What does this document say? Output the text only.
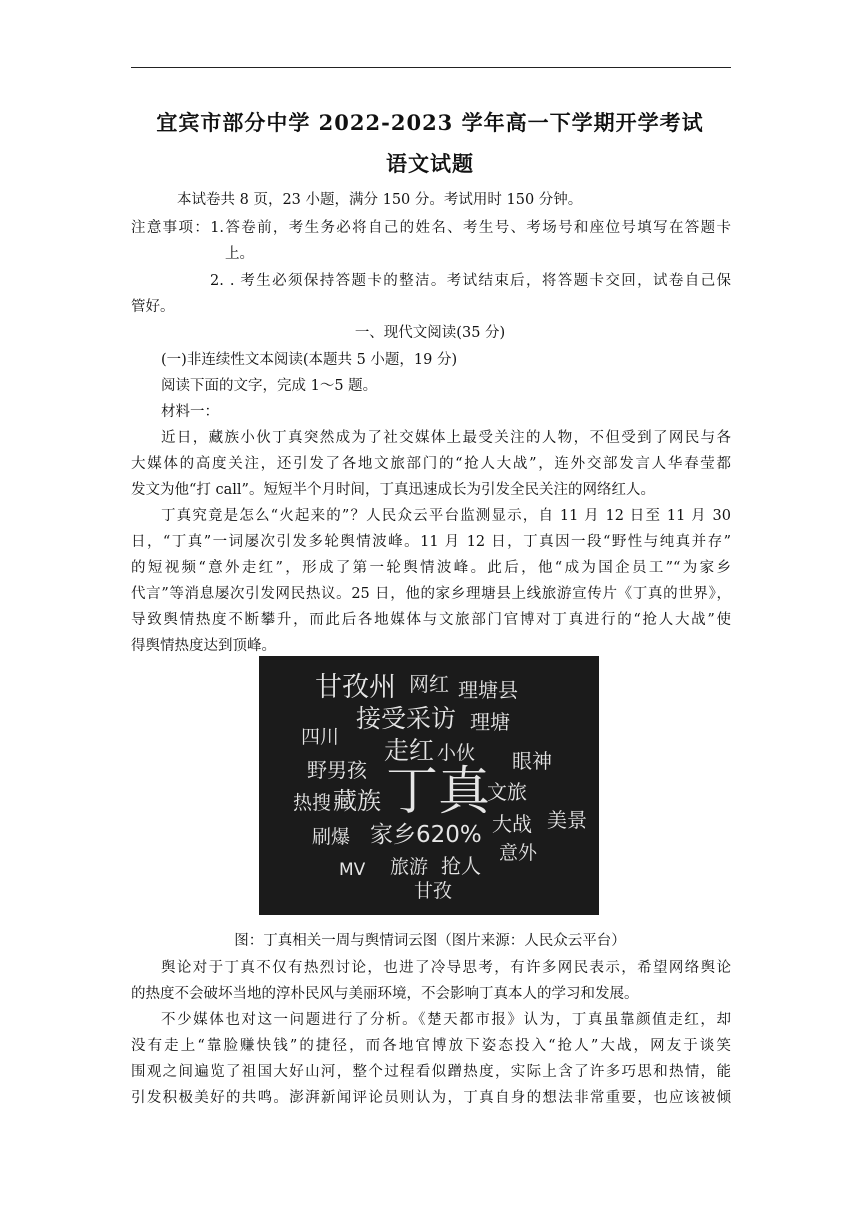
宜宾市部分中学 2022-2023 学年高一下学期开学考试
语文试题
本试卷共 8 页，23 小题，满分 150 分。考试用时 150 分钟。
注意事项：1.答卷前，考生务必将自己的姓名、考生号、考场号和座位号填写在答题卡
上。
2. . 考生必须保持答题卡的整洁。考试结束后，将答题卡交回，试卷自己保
管好。
一、现代文阅读(35 分)
(一)非连续性文本阅读(本题共 5 小题，19 分)
阅读下面的文字，完成 1～5 题。
材料一：
近日，藏族小伙丁真突然成为了社交媒体上最受关注的人物，不但受到了网民与各
大媒体的高度关注，还引发了各地文旅部门的“抢人大战”，连外交部发言人华春莹都
发文为他“打 call”。短短半个月时间，丁真迅速成长为引发全民关注的网络红人。
丁真究竟是怎么“火起来的”？人民众云平台监测显示，自 11 月 12 日至 11 月 30
日，“丁真”一词屡次引发多轮舆情波峰。11 月 12 日，丁真因一段“野性与纯真并存”
的短视频“意外走红”，形成了第一轮舆情波峰。此后，他“成为国企员工”“为家乡
代言”等消息屡次引发网民热议。25 日，他的家乡理塘县上线旅游宣传片《丁真的世界》，
导致舆情热度不断攀升，而此后各地媒体与文旅部门官博对丁真进行的“抢人大战”使
得舆情热度达到顶峰。
甘孜州 网红 理塘县
接受采访 理塘
四川 走红 小伙 眼神
野男孩 丁真
文旅
热搜 藏族
美景
大战
刷爆 家乡620%
意外
MV 旅游 抢人
甘孜
图：丁真相关一周与舆情词云图（图片来源：人民众云平台）
舆论对于丁真不仅有热烈讨论，也进了冷导思考，有许多网民表示，希望网络舆论
的热度不会破坏当地的淳朴民风与美丽环境，不会影响丁真本人的学习和发展。
不少媒体也对这一问题进行了分析。《楚天都市报》认为，丁真虽靠颜值走红，却
没有走上“靠脸赚快钱”的捷径，而各地官博放下姿态投入“抢人”大战，网友于谈笑
围观之间遍览了祖国大好山河，整个过程看似蹭热度，实际上含了许多巧思和热情，能
引发积极美好的共鸣。澎湃新闻评论员则认为，丁真自身的想法非常重要，也应该被倾
